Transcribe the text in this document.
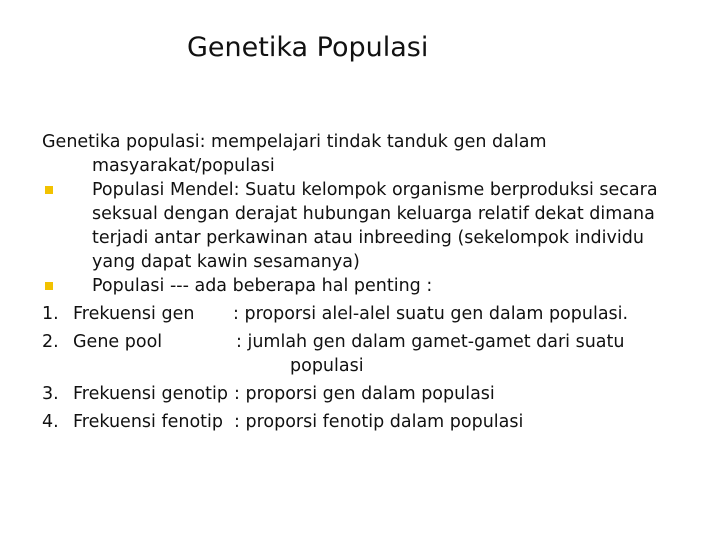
Genetika Populasi
Genetika populasi: mempelajari tindak tanduk gen dalam
masyarakat/populasi
Populasi Mendel: Suatu kelompok organisme berproduksi secara
seksual dengan derajat hubungan keluarga relatif dekat dimana
terjadi antar perkawinan atau inbreeding (sekelompok individu
yang dapat kawin sesamanya)
Populasi --- ada beberapa hal penting :
1. Frekuensi gen : proporsi alel-alel suatu gen dalam populasi.
2. Gene pool	: jumlah gen dalam gamet-gamet dari suatu
populasi
3. Frekuensi genotip : proporsi gen dalam populasi
4. Frekuensi fenotip : proporsi fenotip dalam populasi
